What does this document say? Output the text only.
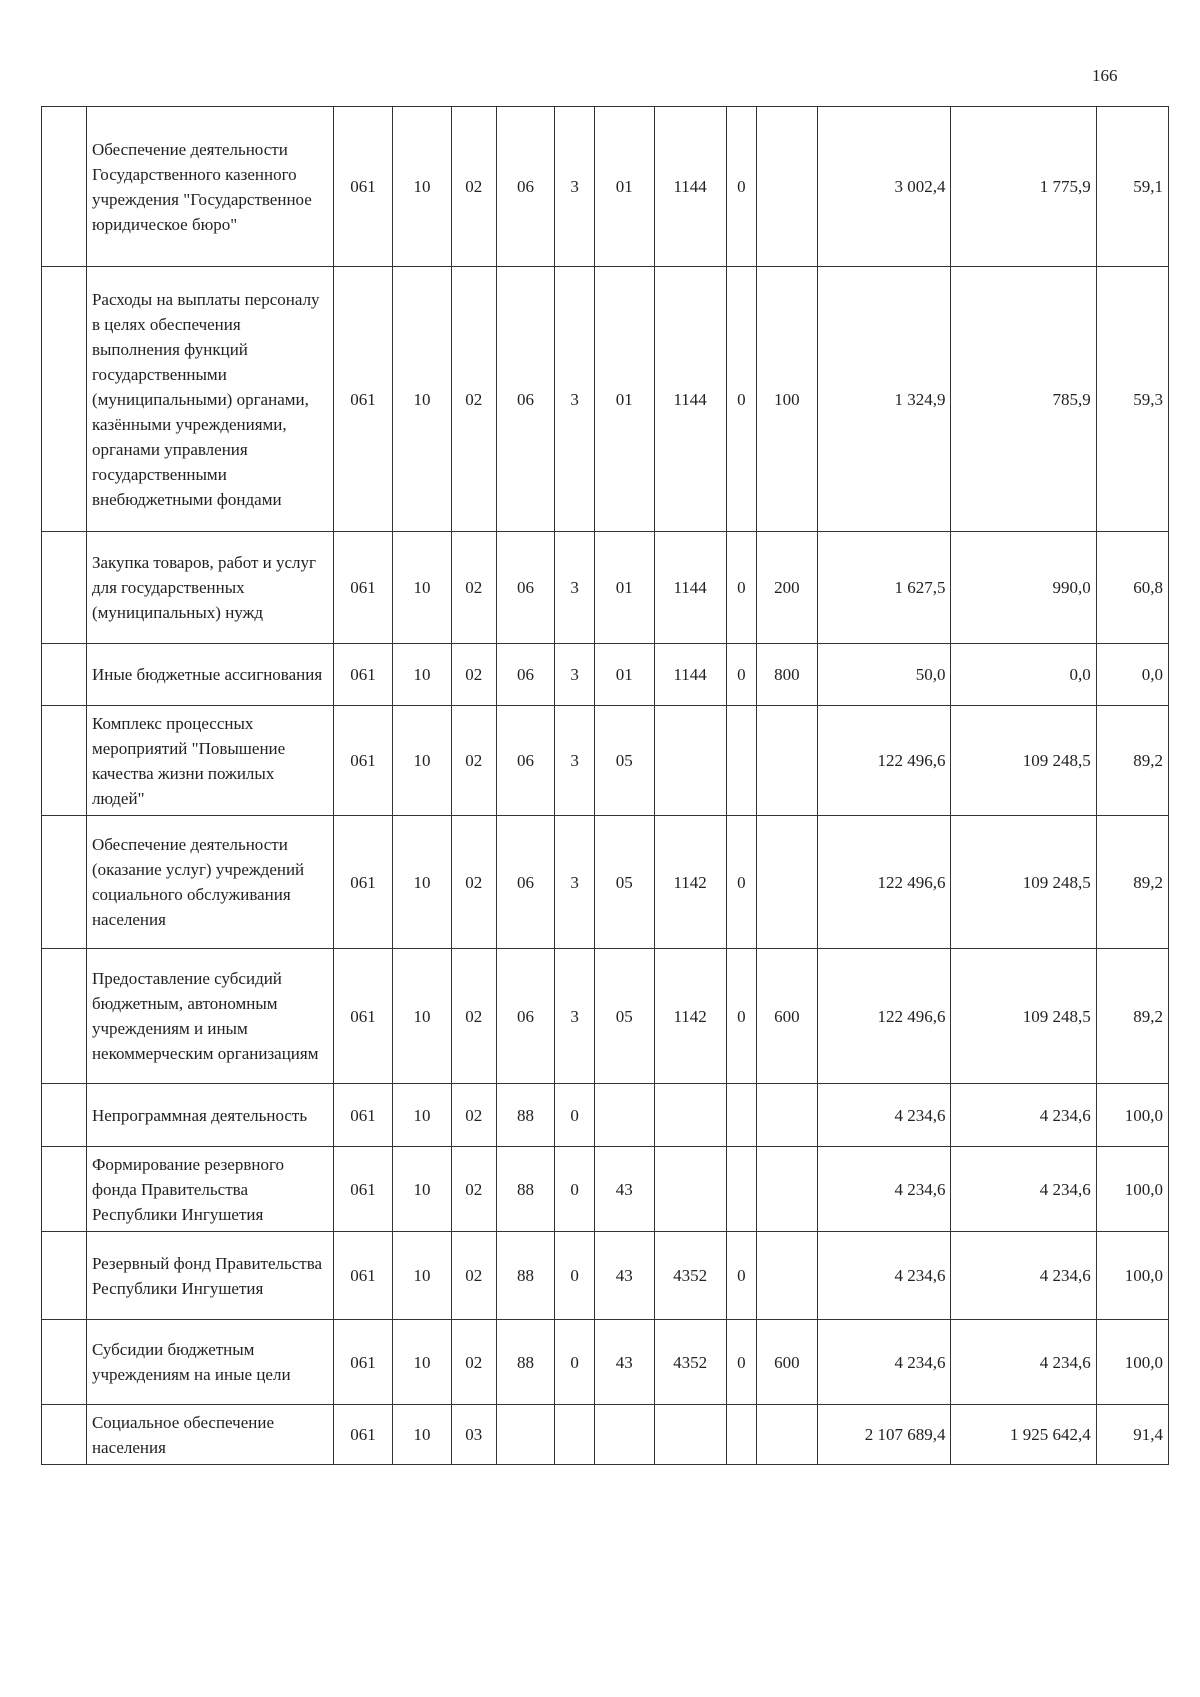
166
	Обеспечение деятельности Государственного казенного учреждения "Государственное юридическое бюро"	061	10	02	06	3	01	1144	0		3 002,4	1 775,9	59,1
	Расходы на выплаты персоналу в целях обеспечения выполнения функций государственными (муниципальными) органами, казёнными учреждениями, органами управления государственными внебюджетными фондами	061	10	02	06	3	01	1144	0	100	1 324,9	785,9	59,3
	Закупка товаров, работ и услуг для государственных (муниципальных) нужд	061	10	02	06	3	01	1144	0	200	1 627,5	990,0	60,8
	Иные бюджетные ассигнования	061	10	02	06	3	01	1144	0	800	50,0	0,0	0,0
	Комплекс процессных мероприятий "Повышение качества жизни пожилых людей"	061	10	02	06	3	05				122 496,6	109 248,5	89,2
	Обеспечение деятельности (оказание услуг) учреждений социального обслуживания населения	061	10	02	06	3	05	1142	0		122 496,6	109 248,5	89,2
	Предоставление субсидий бюджетным, автономным учреждениям и иным некоммерческим организациям	061	10	02	06	3	05	1142	0	600	122 496,6	109 248,5	89,2
	Непрограммная деятельность	061	10	02	88	0					4 234,6	4 234,6	100,0
	Формирование резервного фонда Правительства Республики Ингушетия	061	10	02	88	0	43				4 234,6	4 234,6	100,0
	Резервный фонд Правительства Республики Ингушетия	061	10	02	88	0	43	4352	0		4 234,6	4 234,6	100,0
	Субсидии бюджетным учреждениям на иные цели	061	10	02	88	0	43	4352	0	600	4 234,6	4 234,6	100,0
	Социальное обеспечение населения	061	10	03							2 107 689,4	1 925 642,4	91,4
